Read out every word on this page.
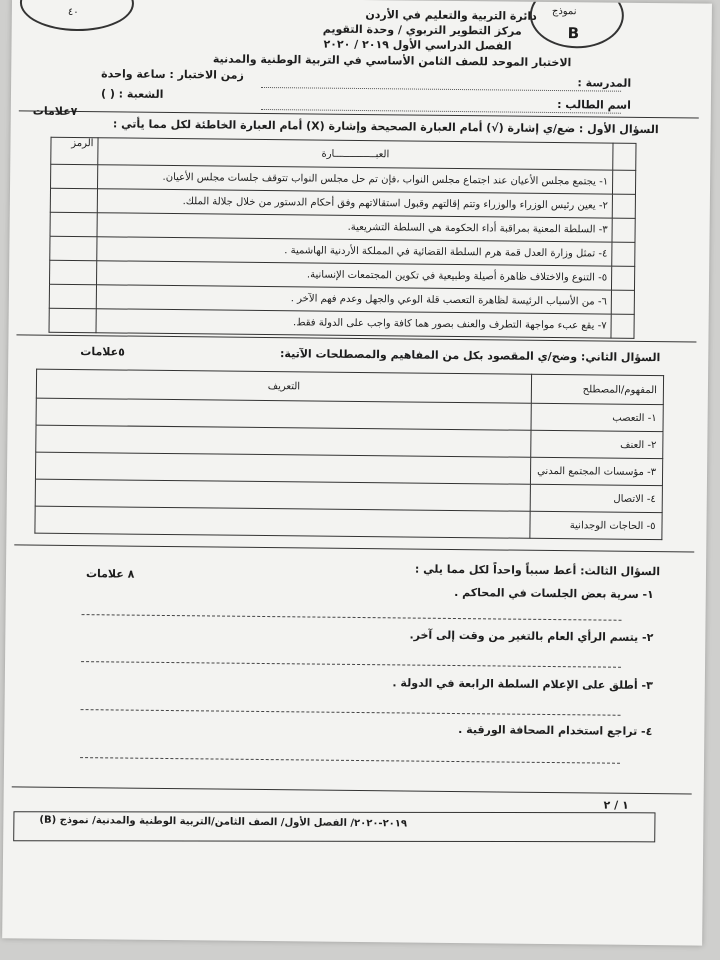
٤٠	نموذج
B
دائرة التربية والتعليم في الأردن
مركز التطوير التربوي / وحدة التقويم
الفصل الدراسي الأول ٢٠١٩ / ٢٠٢٠
الاختبار الموحد للصف الثامن الأساسي في التربية الوطنية والمدنية
المدرسة :
زمن الاختبار : ساعة واحدة
اسم الطالب :
الشعبة : ( )
السؤال الأول : ضع/ي إشارة (√) أمام العبارة الصحيحة وإشارة (X) أمام العبارة الخاطئة لكل مما يأتي :
٧علامات
	العبــــــــــــــارة	الرمز
	١- يجتمع مجلس الأعيان عند اجتماع مجلس النواب ،فإن تم حل مجلس النواب تتوقف جلسات مجلس الأعيان.	
	٢- يعين رئيس الوزراء والوزراء وتتم إقالتهم وقبول استقالاتهم وفق أحكام الدستور من خلال جلالة الملك.	
	٣- السلطة المعنية بمراقبة أداء الحكومة هي السلطة التشريعية.	
	٤- تمثل وزارة العدل قمة هرم السلطة القضائية في المملكة الأردنية الهاشمية .	
	٥- التنوع والاختلاف ظاهرة أصيلة وطبيعية في تكوين المجتمعات الإنسانية.	
	٦- من الأسباب الرئيسة لظاهرة التعصب قلة الوعي والجهل وعدم فهم الآخر .	
	٧- يقع عبء مواجهة التطرف والعنف بصور هما كافة واجب على الدولة فقط.	
السؤال الثاني: وضح/ي المقصود بكل من المفاهيم والمصطلحات الآتية:
٥علامات
المفهوم/المصطلح	التعريف
١- التعصب	
٢- العنف	
٣- مؤسسات المجتمع المدني	
٤- الاتصال	
٥- الحاجات الوجدانية	
السؤال الثالث: أعط سبباً واحداً لكل مما يلي :
٨ علامات
١- سرية بعض الجلسات في المحاكم .
٢- يتسم الرأي العام بالتغير من وقت إلى آخر.
٣- أطلق على الإعلام السلطة الرابعة في الدولة .
٤- تراجع استخدام الصحافة الورقية .
١ / ٢
٢٠١٩-٢٠٢٠/ الفصل الأول/ الصف الثامن/التربية الوطنية والمدنية/ نموذج (B)
